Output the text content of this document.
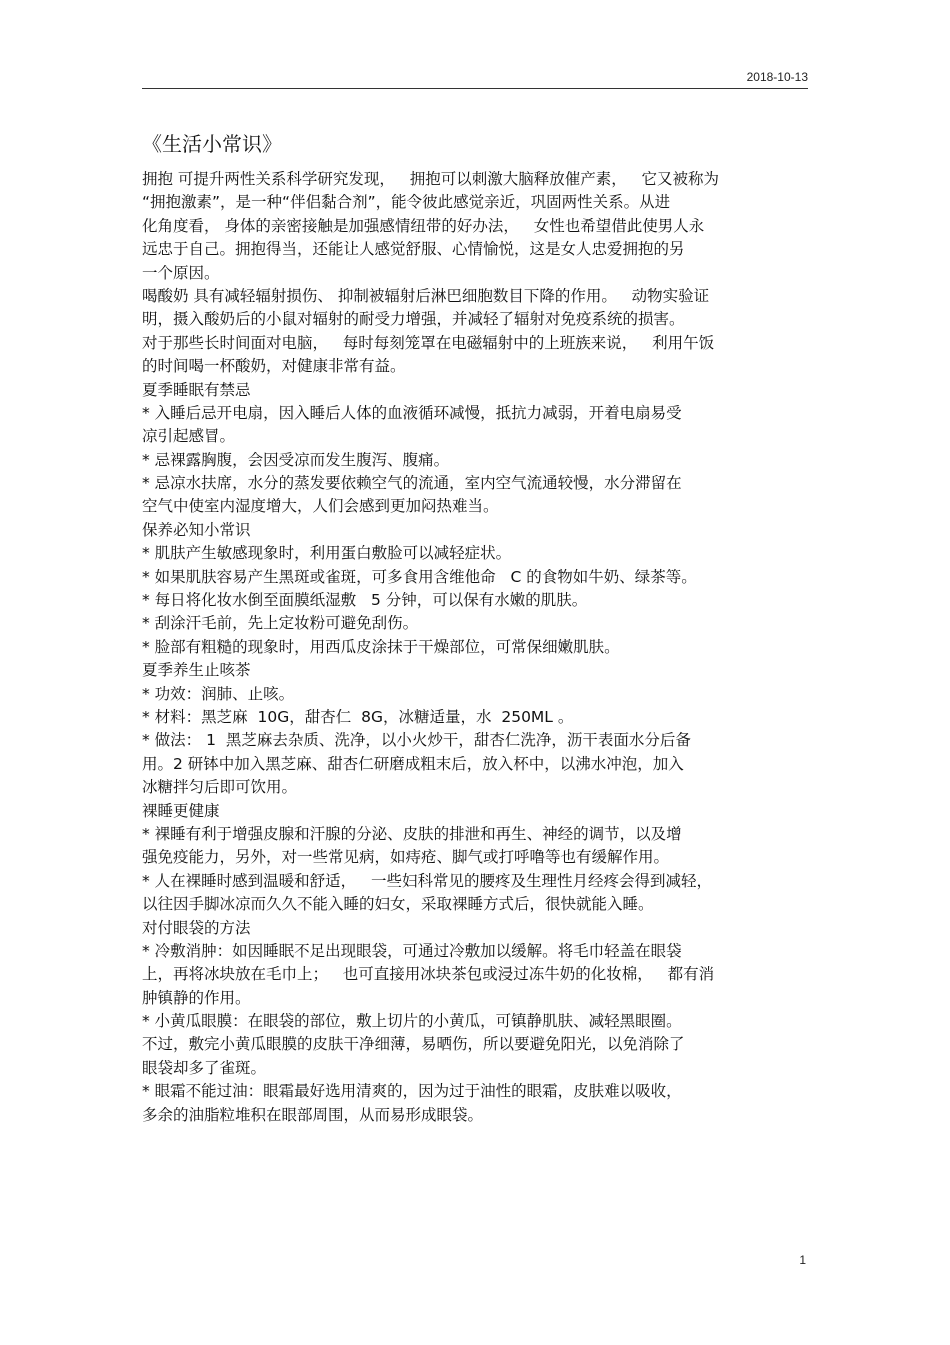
2018-10-13
《生活小常识》
拥抱 可提升两性关系科学研究发现，   拥抱可以刺激大脑释放催产素，   它又被称为
“拥抱激素”，是一种“伴侣黏合剂”，能令彼此感觉亲近，巩固两性关系。从进
化角度看， 身体的亲密接触是加强感情纽带的好办法，   女性也希望借此使男人永
远忠于自己。拥抱得当，还能让人感觉舒服、心情愉悦，这是女人忠爱拥抱的另
一个原因。
喝酸奶 具有减轻辐射损伤、 抑制被辐射后淋巴细胞数目下降的作用。   动物实验证
明，摄入酸奶后的小鼠对辐射的耐受力增强，并减轻了辐射对免疫系统的损害。
对于那些长时间面对电脑，   每时每刻笼罩在电磁辐射中的上班族来说，   利用午饭
的时间喝一杯酸奶，对健康非常有益。
夏季睡眠有禁忌
* 入睡后忌开电扇，因入睡后人体的血液循环减慢，抵抗力减弱，开着电扇易受
凉引起感冒。
* 忌裸露胸腹，会因受凉而发生腹泻、腹痛。
* 忌凉水扶席，水分的蒸发要依赖空气的流通，室内空气流通较慢，水分滞留在
空气中使室内湿度增大，人们会感到更加闷热难当。
保养必知小常识
* 肌肤产生敏感现象时，利用蛋白敷脸可以减轻症状。
* 如果肌肤容易产生黑斑或雀斑，可多食用含维他命   C 的食物如牛奶、绿茶等。
* 每日将化妆水倒至面膜纸湿敷   5 分钟，可以保有水嫩的肌肤。
* 刮涂汗毛前，先上定妆粉可避免刮伤。
* 脸部有粗糙的现象时，用西瓜皮涂抹于干燥部位，可常保细嫩肌肤。
夏季养生止咳茶
* 功效：润肺、止咳。
* 材料：黑芝麻  10G，甜杏仁  8G，冰糖适量，水  250ML 。
* 做法： 1  黑芝麻去杂质、洗净，以小火炒干，甜杏仁洗净，沥干表面水分后备
用。2 研钵中加入黑芝麻、甜杏仁研磨成粗末后，放入杯中，以沸水冲泡，加入
冰糖拌匀后即可饮用。
裸睡更健康
* 裸睡有利于增强皮腺和汗腺的分泌、皮肤的排泄和再生、神经的调节，以及增
强免疫能力，另外，对一些常见病，如痔疮、脚气或打呼噜等也有缓解作用。
* 人在裸睡时感到温暖和舒适，   一些妇科常见的腰疼及生理性月经疼会得到减轻，
以往因手脚冰凉而久久不能入睡的妇女，采取裸睡方式后，很快就能入睡。
对付眼袋的方法
* 冷敷消肿：如因睡眠不足出现眼袋，可通过冷敷加以缓解。将毛巾轻盖在眼袋
上，再将冰块放在毛巾上；   也可直接用冰块茶包或浸过冻牛奶的化妆棉，   都有消
肿镇静的作用。
* 小黄瓜眼膜：在眼袋的部位，敷上切片的小黄瓜，可镇静肌肤、减轻黑眼圈。
不过，敷完小黄瓜眼膜的皮肤干净细薄，易晒伤，所以要避免阳光，以免消除了
眼袋却多了雀斑。
* 眼霜不能过油：眼霜最好选用清爽的，因为过于油性的眼霜，皮肤难以吸收，
多余的油脂粒堆积在眼部周围，从而易形成眼袋。
1
